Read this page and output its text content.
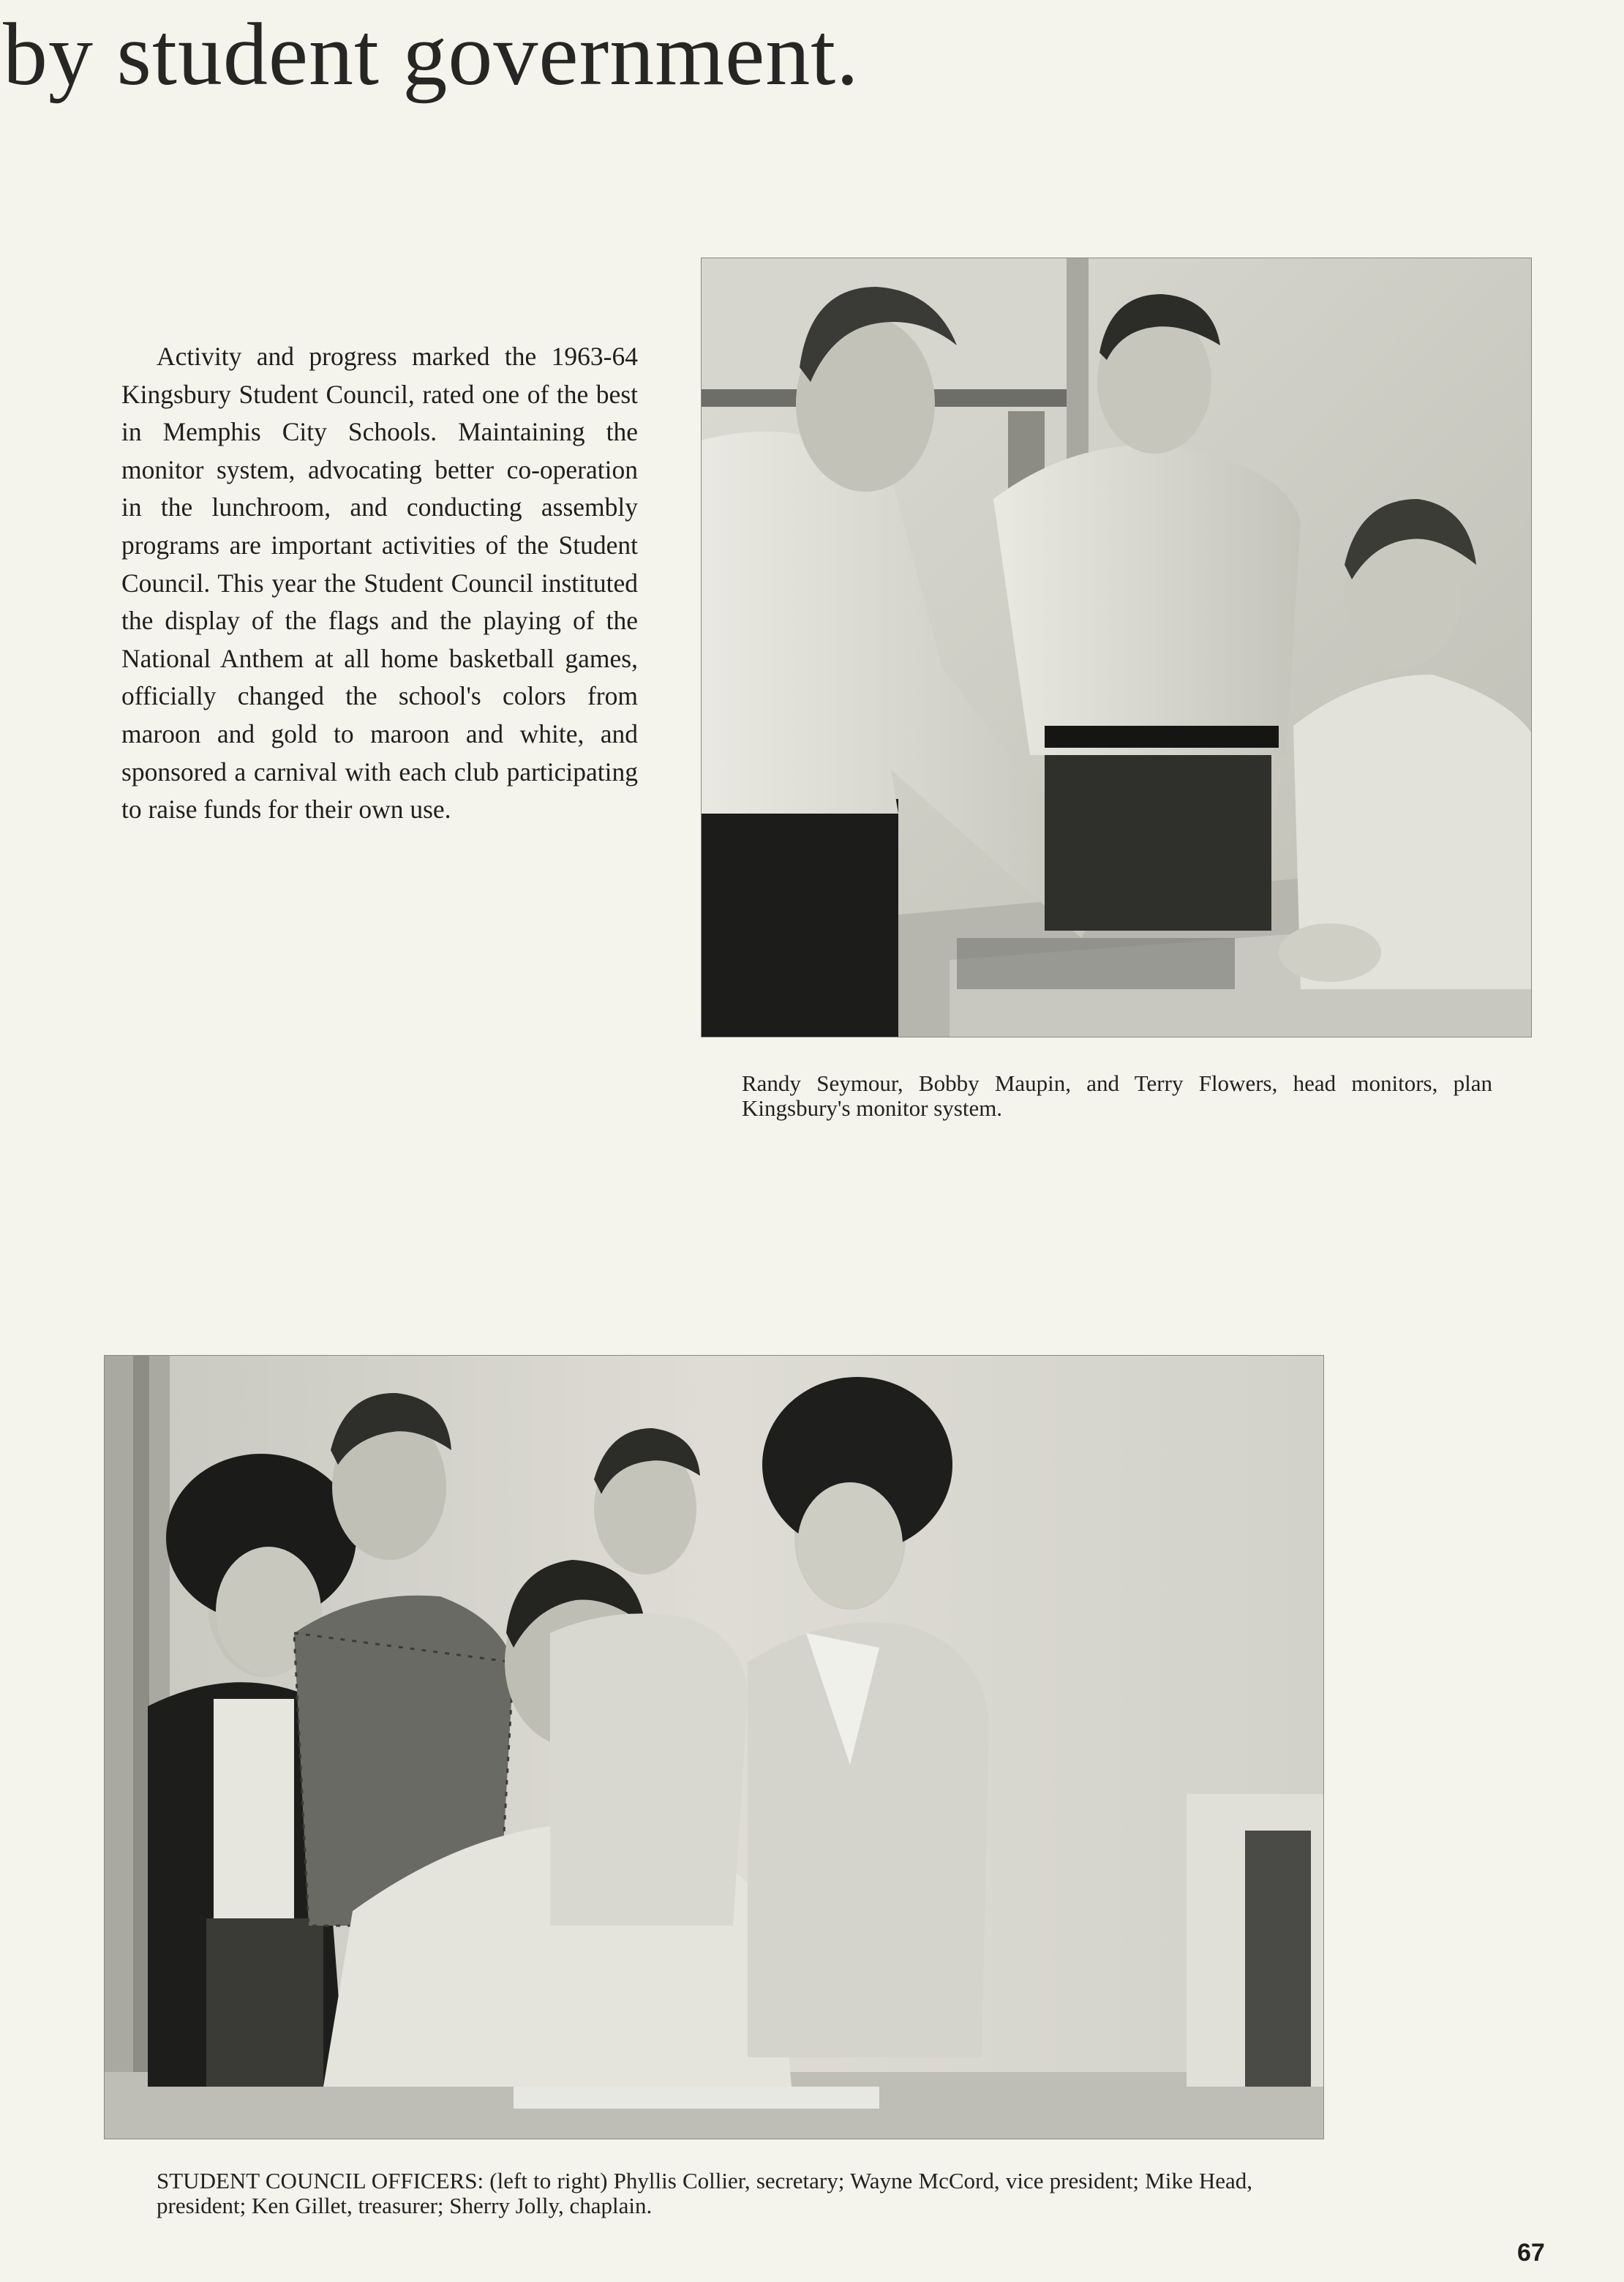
by student government.

Activity and progress marked the 1963-64 Kingsbury Student Council, rated one of the best in Memphis City Schools. Maintaining the monitor system, advocating better co-operation in the lunchroom, and conducting assembly programs are important activities of the Student Council. This year the Student Council instituted the display of the flags and the playing of the National Anthem at all home basketball games, officially changed the school's colors from maroon and gold to maroon and white, and sponsored a carnival with each club participating to raise funds for their own use.

Randy Seymour, Bobby Maupin, and Terry Flowers, head monitors, plan Kingsbury's monitor system.

STUDENT COUNCIL OFFICERS: (left to right) Phyllis Collier, secretary; Wayne McCord, vice president; Mike Head, president; Ken Gillet, treasurer; Sherry Jolly, chaplain.

67
